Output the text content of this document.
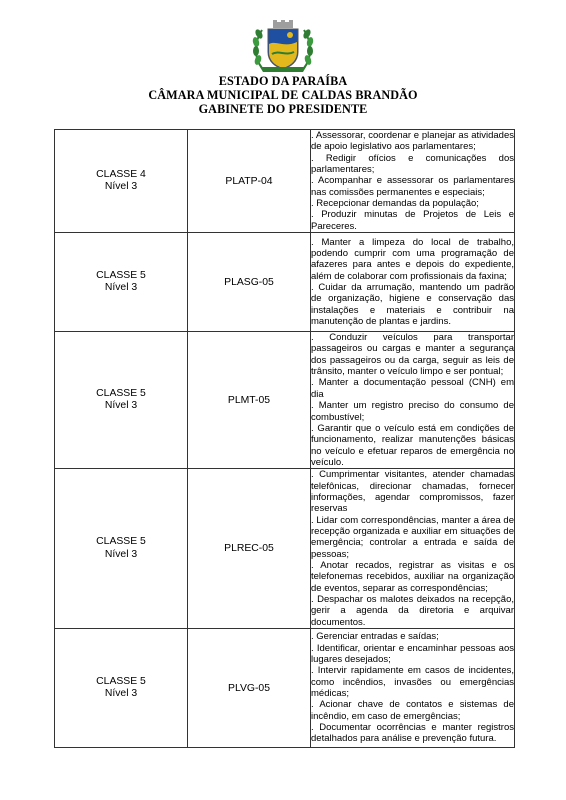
ESTADO DA PARAÍBA
CÂMARA MUNICIPAL DE CALDAS BRANDÃO
GABINETE DO PRESIDENTE
CLASSE 4
Nível 3	PLATP-04	. Assessorar, coordenar e planejar as atividades de apoio legislativo aos parlamentares;
. Redigir ofícios e comunicações dos parlamentares;
. Acompanhar e assessorar os parlamentares nas comissões permanentes e especiais;
. Recepcionar demandas da população;
. Produzir minutas de Projetos de Leis e Pareceres.

CLASSE 5
Nível 3	PLASG-05	. Manter a limpeza do local de trabalho, podendo cumprir com uma programação de afazeres para antes e depois do expediente, além de colaborar com profissionais da faxina;
. Cuidar da arrumação, mantendo um padrão de organização, higiene e conservação das instalações e materiais e contribuir na manutenção de plantas e jardins.

CLASSE 5
Nível 3	PLMT-05	. Conduzir veículos para transportar passageiros ou cargas e manter a segurança dos passageiros ou da carga, seguir as leis de trânsito, manter o veículo limpo e ser pontual;
. Manter a documentação pessoal (CNH) em dia
. Manter um registro preciso do consumo de combustível;
. Garantir que o veículo está em condições de funcionamento, realizar manutenções básicas no veículo e efetuar reparos de emergência no veículo.

CLASSE 5
Nível 3	PLREC-05	. Cumprimentar visitantes, atender chamadas telefônicas, direcionar chamadas, fornecer informações, agendar compromissos, fazer reservas
. Lidar com correspondências, manter a área de recepção organizada e auxiliar em situações de emergência; controlar a entrada e saída de pessoas;
. Anotar recados, registrar as visitas e os telefonemas recebidos, auxiliar na organização de eventos, separar as correspondências;
. Despachar os malotes deixados na recepção, gerir a agenda da diretoria e arquivar documentos.

CLASSE 5
Nível 3	PLVG-05	. Gerenciar entradas e saídas;
. Identificar, orientar e encaminhar pessoas aos lugares desejados;
. Intervir rapidamente em casos de incidentes, como incêndios, invasões ou emergências médicas;
. Acionar chave de contatos e sistemas de incêndio, em caso de emergências;
. Documentar ocorrências e manter registros detalhados para análise e prevenção futura.
